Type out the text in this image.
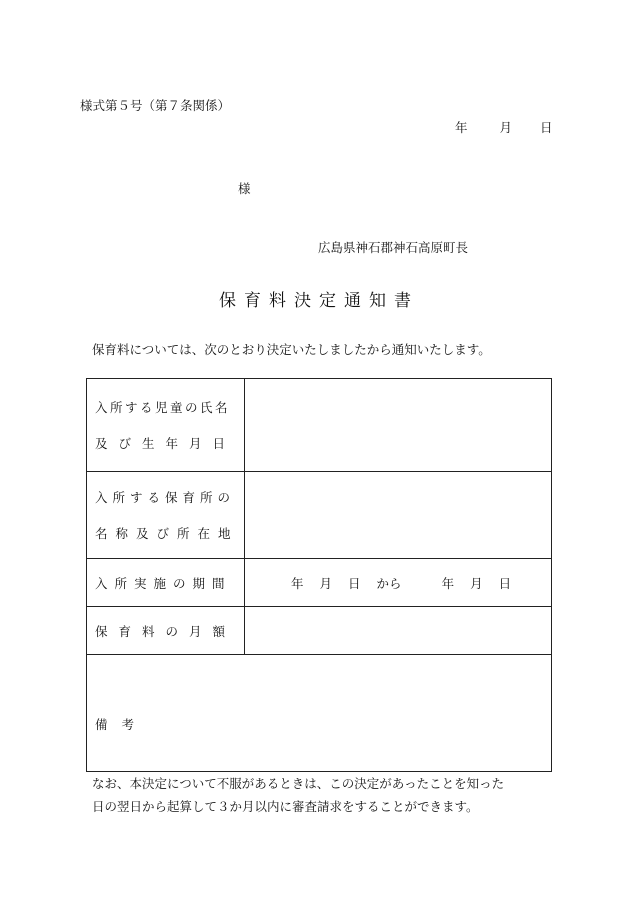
様式第５号（第７条関係）
年	月 日
様
広島県神石郡神石高原町長
保育料決定通知書
保育料については、次のとおり決定いたしましたから通知いたします。
入所する児童の氏名
及び生年月日	

入所する保育所の
名称及び所在地	

入所実施の期間	年 月 日 から 年 月 日

保育料の月額	

備考	
なお、本決定について不服があるときは、この決定があったことを知った
日の翌日から起算して３か月以内に審査請求をすることができます。
